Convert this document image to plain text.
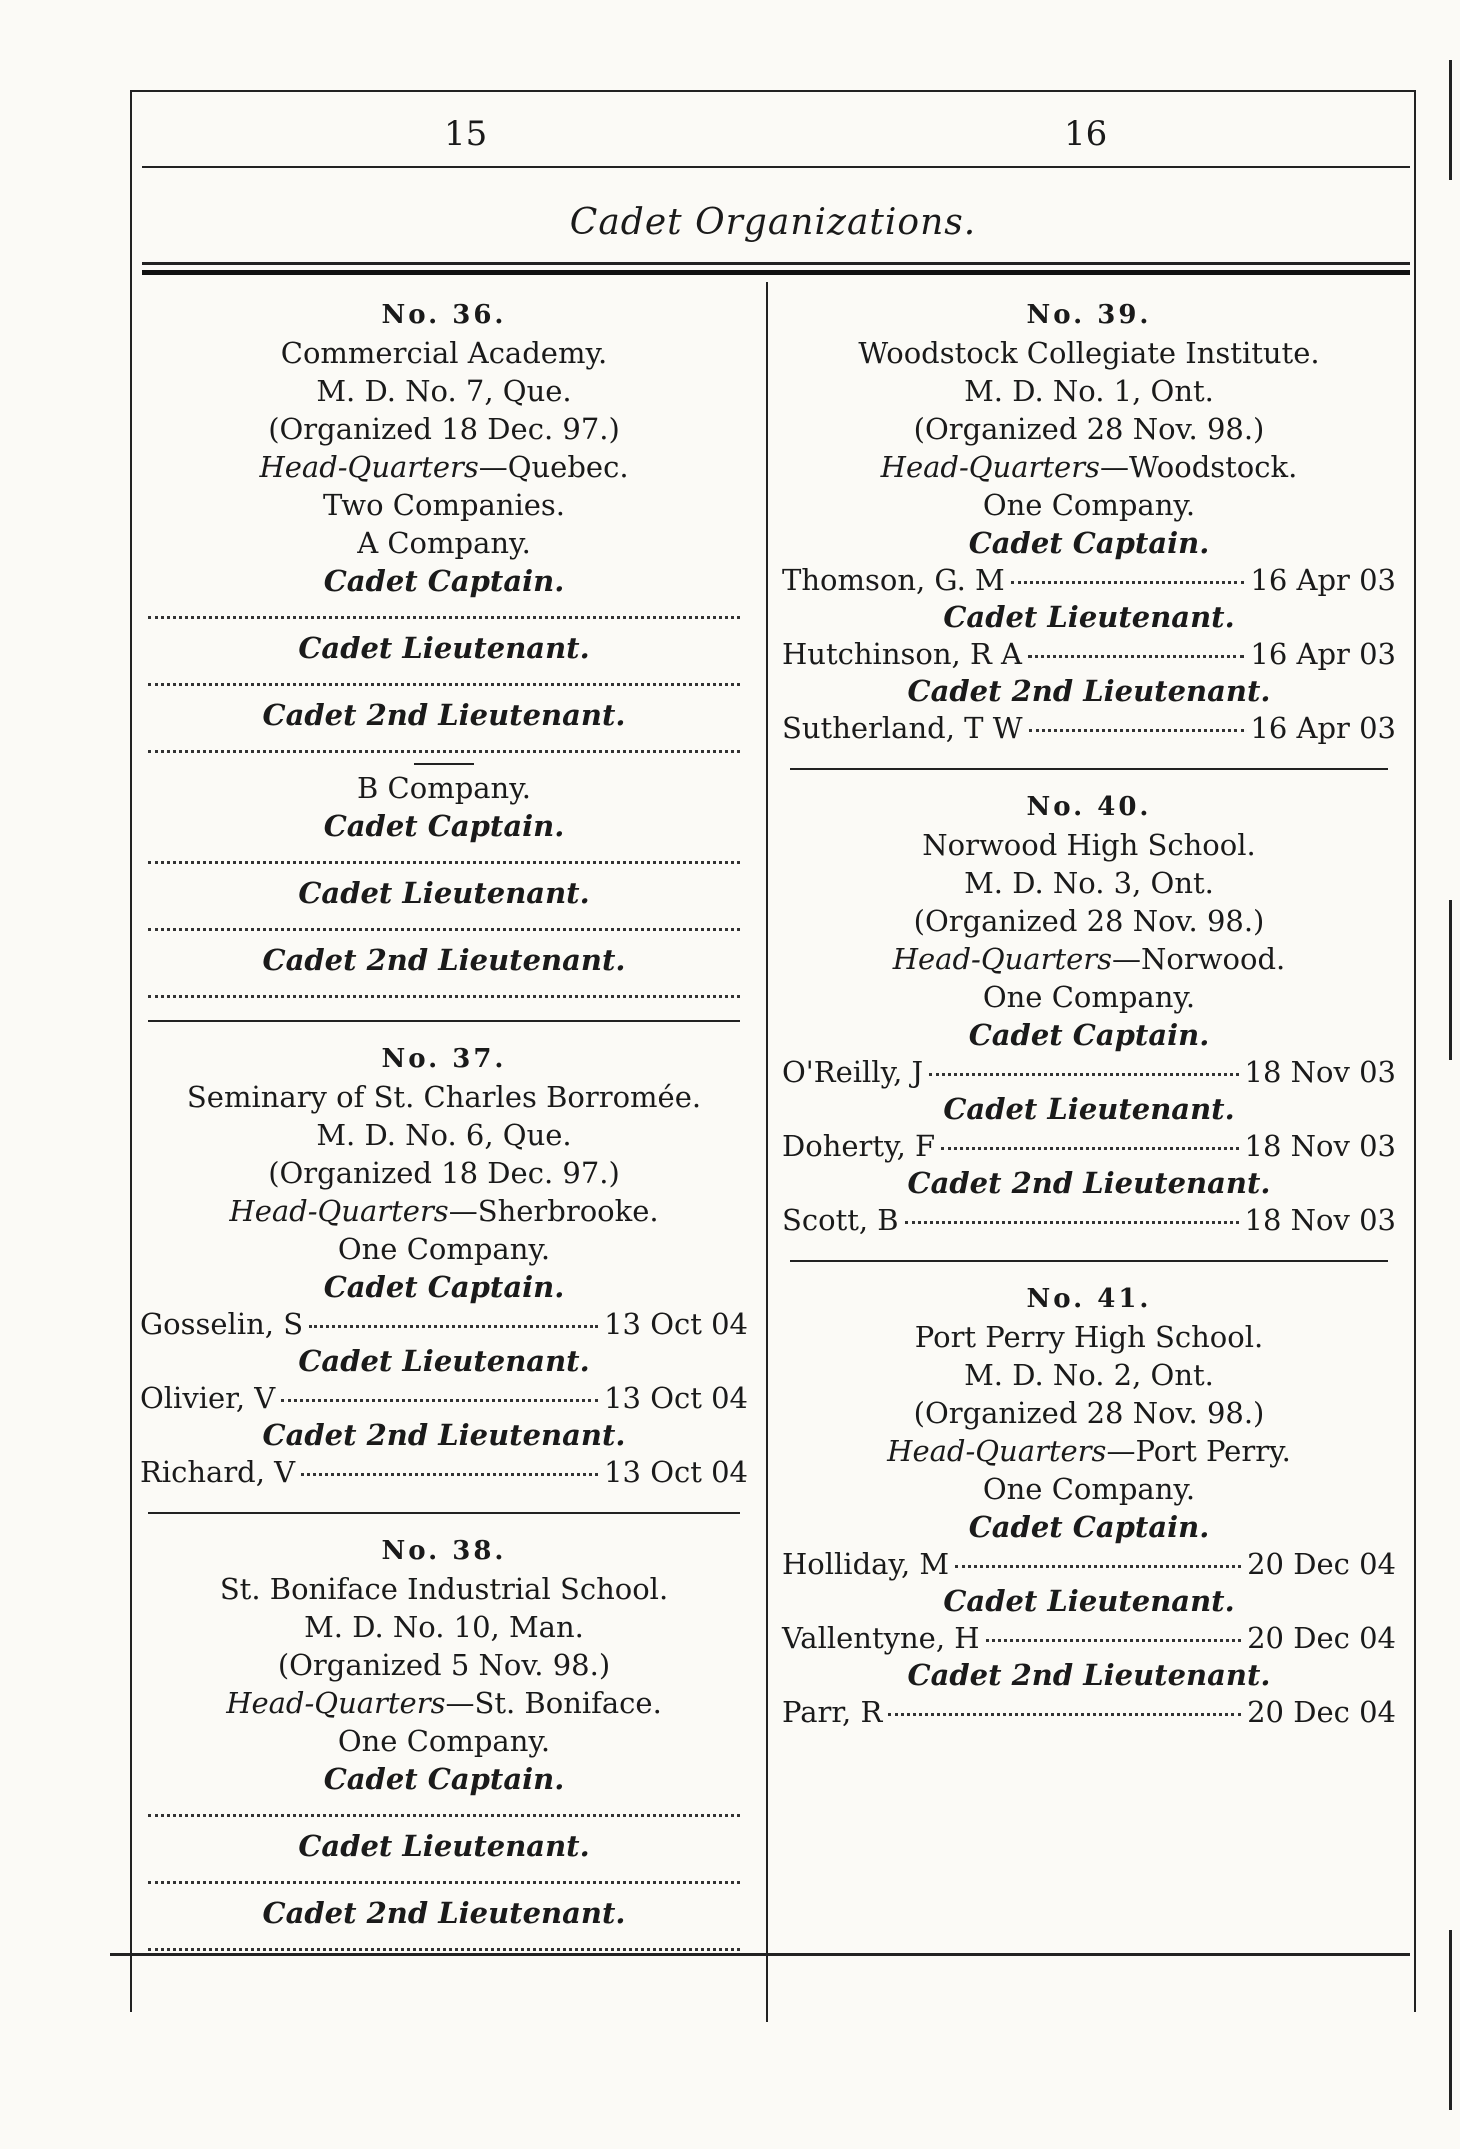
15	16
Cadet Organizations.
No. 36.
Commercial Academy.
M. D. No. 7, Que.
(Organized 18 Dec. 97.)
Head-Quarters—Quebec.
Two Companies.
A Company.
Cadet Captain.
Cadet Lieutenant.
Cadet 2nd Lieutenant.
B Company.
Cadet Captain.
Cadet Lieutenant.
Cadet 2nd Lieutenant.
No. 37.
Seminary of St. Charles Borromée.
M. D. No. 6, Que.
(Organized 18 Dec. 97.)
Head-Quarters—Sherbrooke.
One Company.
Cadet Captain.
Gosselin, S	13 Oct 04
Cadet Lieutenant.
Olivier, V	13 Oct 04
Cadet 2nd Lieutenant.
Richard, V	13 Oct 04
No. 38.
St. Boniface Industrial School.
M. D. No. 10, Man.
(Organized 5 Nov. 98.)
Head-Quarters—St. Boniface.
One Company.
Cadet Captain.
Cadet Lieutenant.
Cadet 2nd Lieutenant.
No. 39.
Woodstock Collegiate Institute.
M. D. No. 1, Ont.
(Organized 28 Nov. 98.)
Head-Quarters—Woodstock.
One Company.
Cadet Captain.
Thomson, G. M	16 Apr 03
Cadet Lieutenant.
Hutchinson, R A	16 Apr 03
Cadet 2nd Lieutenant.
Sutherland, T W	16 Apr 03
No. 40.
Norwood High School.
M. D. No. 3, Ont.
(Organized 28 Nov. 98.)
Head-Quarters—Norwood.
One Company.
Cadet Captain.
O'Reilly, J	18 Nov 03
Cadet Lieutenant.
Doherty, F	18 Nov 03
Cadet 2nd Lieutenant.
Scott, B	18 Nov 03
No. 41.
Port Perry High School.
M. D. No. 2, Ont.
(Organized 28 Nov. 98.)
Head-Quarters—Port Perry.
One Company.
Cadet Captain.
Holliday, M	20 Dec 04
Cadet Lieutenant.
Vallentyne, H	20 Dec 04
Cadet 2nd Lieutenant.
Parr, R	20 Dec 04
